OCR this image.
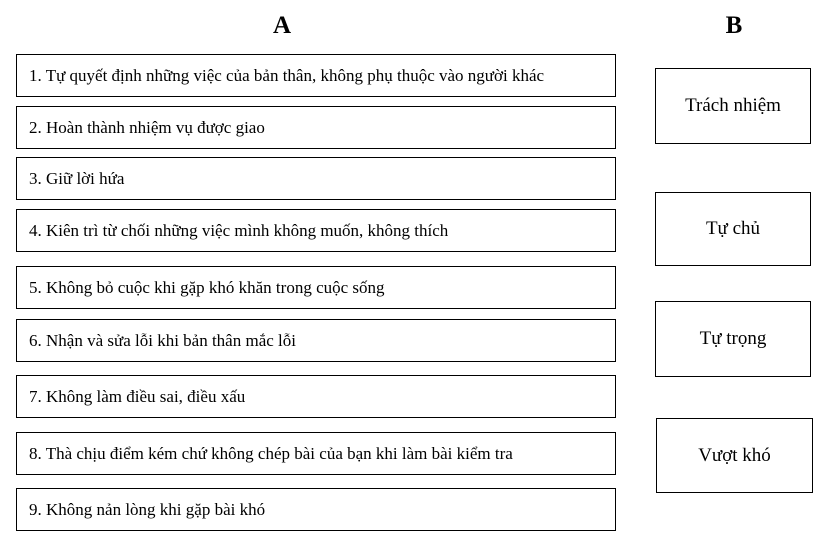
A	B
1. Tự quyết định những việc của bản thân, không phụ thuộc vào người khác
2. Hoàn thành nhiệm vụ được giao
3. Giữ lời hứa
4. Kiên trì từ chối những việc mình không muốn, không thích
5. Không bỏ cuộc khi gặp khó khăn trong cuộc sống
6. Nhận và sửa lỗi khi bản thân mắc lỗi
7. Không làm điều sai, điều xấu
8. Thà chịu điểm kém chứ không chép bài của bạn khi làm bài kiểm tra
9. Không nản lòng khi gặp bài khó
Trách nhiệm
Tự chủ
Tự trọng
Vượt khó
